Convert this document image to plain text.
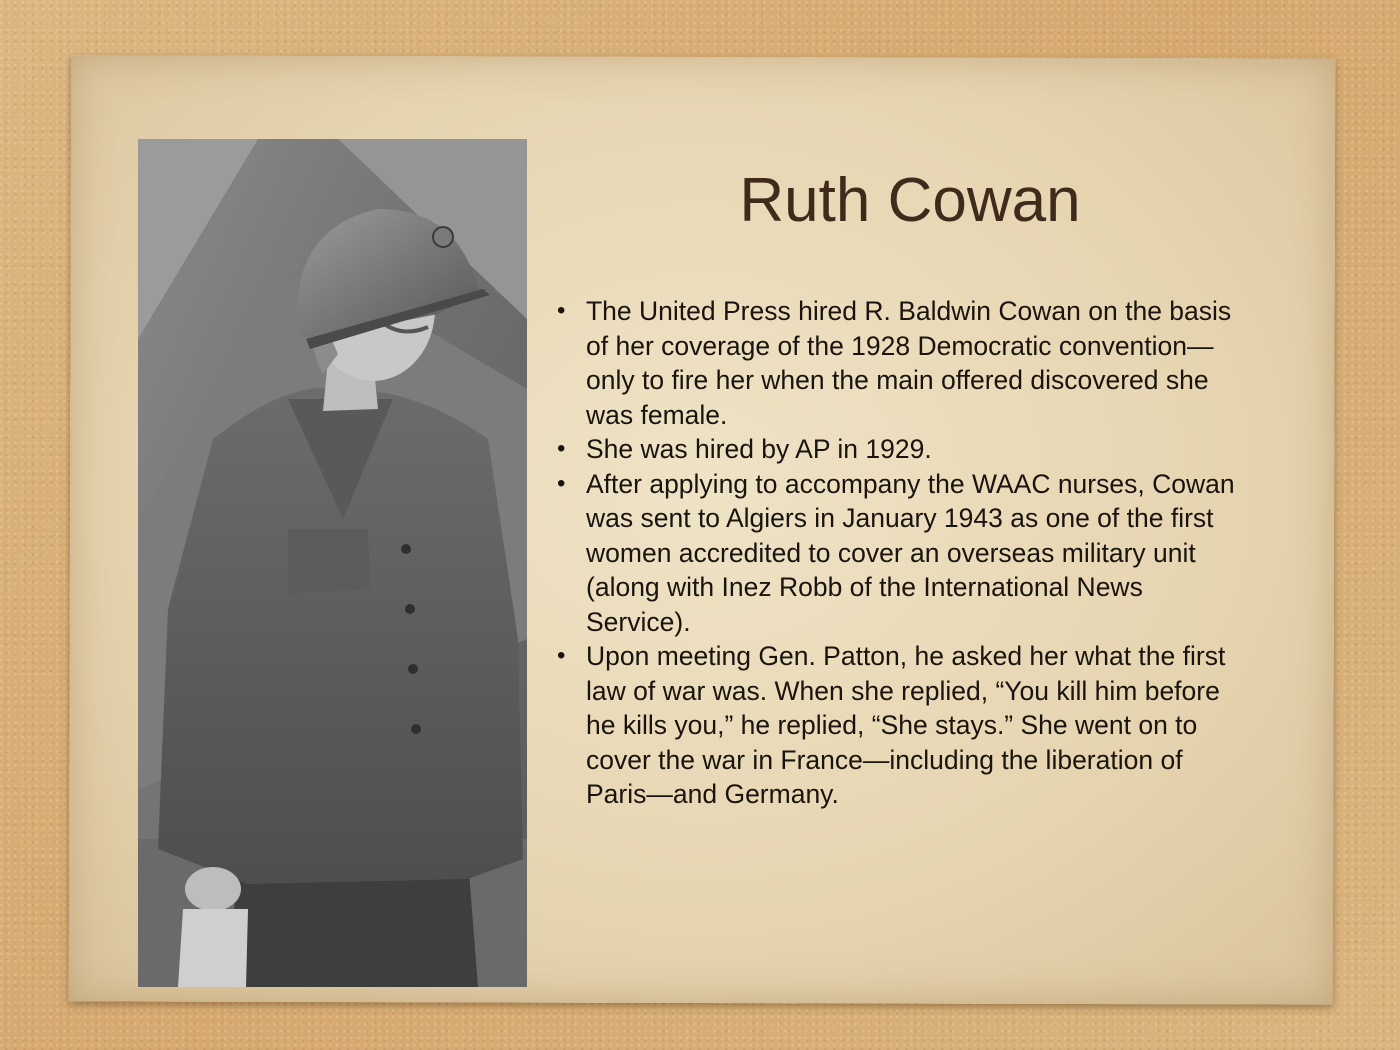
Ruth Cowan
• The United Press hired R. Baldwin Cowan on the basis of her coverage of the 1928 Democratic convention—only to fire her when the main offered discovered she was female.
• She was hired by AP in 1929.
• After applying to accompany the WAAC nurses, Cowan was sent to Algiers in January 1943 as one of the first women accredited to cover an overseas military unit (along with Inez Robb of the International News Service).
• Upon meeting Gen. Patton, he asked her what the first law of war was. When she replied, “You kill him before he kills you,” he replied, “She stays.” She went on to cover the war in France—including the liberation of Paris—and Germany.
